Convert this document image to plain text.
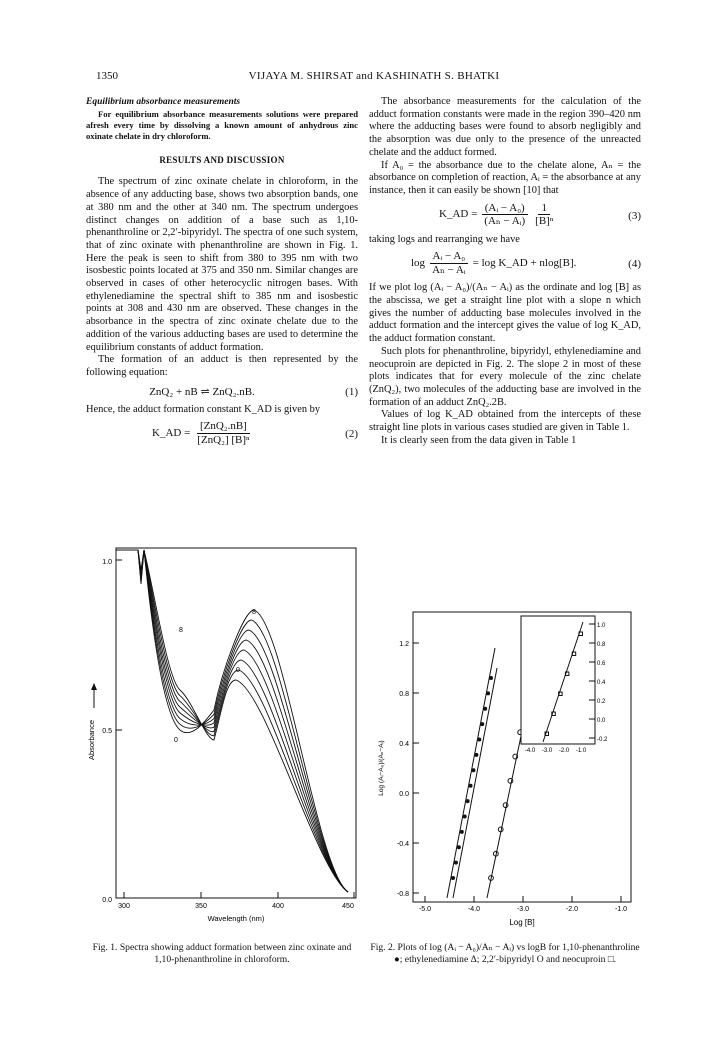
1350	VIJAYA M. SHIRSAT and KASHINATH S. BHATKI

Equilibrium absorbance measurements

For equilibrium absorbance measurements solutions were prepared afresh every time by dissolving a known amount of anhydrous zinc oxinate chelate in dry chloroform.

RESULTS AND DISCUSSION

The spectrum of zinc oxinate chelate in chloroform, in the absence of any adducting base, shows two absorption bands, one at 380 nm and the other at 340 nm. The spectrum undergoes distinct changes on addition of a base such as 1,10-phenanthroline or 2,2′-bipyridyl. The spectra of one such system, that of zinc oxinate with phenanthroline are shown in Fig. 1. Here the peak is seen to shift from 380 to 395 nm with two isosbestic points located at 375 and 350 nm. Similar changes are observed in cases of other heterocyclic nitrogen bases. With ethylenediamine the spectral shift to 385 nm and isosbestic points at 308 and 430 nm are observed. These changes in the absorbance in the spectra of zinc oxinate chelate due to the addition of the various adducting bases are used to determine the equilibrium constants of adduct formation.

The formation of an adduct is then represented by the following equation:

ZnQ₂ + nB ⇌ ZnQ₂.nB.	(1)

Hence, the adduct formation constant K_AD is given by

K_AD = $\frac{\text{[ZnQ₂.nB]}}{\text{[ZnQ₂] [B]ⁿ}}$	(2)

The absorbance measurements for the calculation of the adduct formation constants were made in the region 390–420 nm where the adducting bases were found to absorb negligibly and the absorption was due only to the presence of the unreacted chelate and the adduct formed.

If A₀ = the absorbance due to the chelate alone, Aₙ = the absorbance on completion of reaction, Aᵢ = the absorbance at any instance, then it can easily be shown [10] that

K_AD = $\frac{\text{(Aᵢ − A₀)}}{\text{(Aₙ − Aᵢ)}} \frac{1}{\text{[B]ⁿ}}$	(3)

taking logs and rearranging we have

$\log \frac{\text{Aᵢ − A₀}}{\text{Aₙ − Aᵢ}} = \log$ K_AD + nlog[B].	(4)

If we plot log (Aᵢ − A₀)/(Aₙ − Aᵢ) as the ordinate and log [B] as the abscissa, we get a straight line plot with a slope n which gives the number of adducting base molecules involved in the adduct formation and the intercept gives the value of log K_AD, the adduct formation constant.

Such plots for phenanthroline, bipyridyl, ethylenediamine and neocuproin are depicted in Fig. 2. The slope 2 in most of these plots indicates that for every molecule of the zinc chelate (ZnQ₂), two molecules of the adducting base are involved in the formation of an adduct ZnQ₂.2B.

Values of log K_AD obtained from the intercepts of these straight line plots in various cases studied are given in Table 1.

It is clearly seen from the data given in Table 1

0.0
0.5
1.0
300	350	400	450
Wavelength (nm)
Absorbance
8
8
0
0
-0.8
-0.4
0.0
0.4
0.8
1.2
-5.0	-4.0	-3.0	-2.0	-1.0
Log [B]
Log (Aᵢ−A₀)/(Aₙ−Aᵢ)
1.0
0.8
0.6
0.4
0.2
0.0
-0.2
-4.0 -3.0 -2.0 -1.0
Fig. 1. Spectra showing adduct formation between zinc oxinate and 1,10-phenanthroline in chloroform.
Fig. 2. Plots of log (Aᵢ − A₀)/Aₙ − Aᵢ) vs logB for 1,10-phenanthroline ●; ethylenediamine Δ; 2,2′-bipyridyl O and neocuproin □.
